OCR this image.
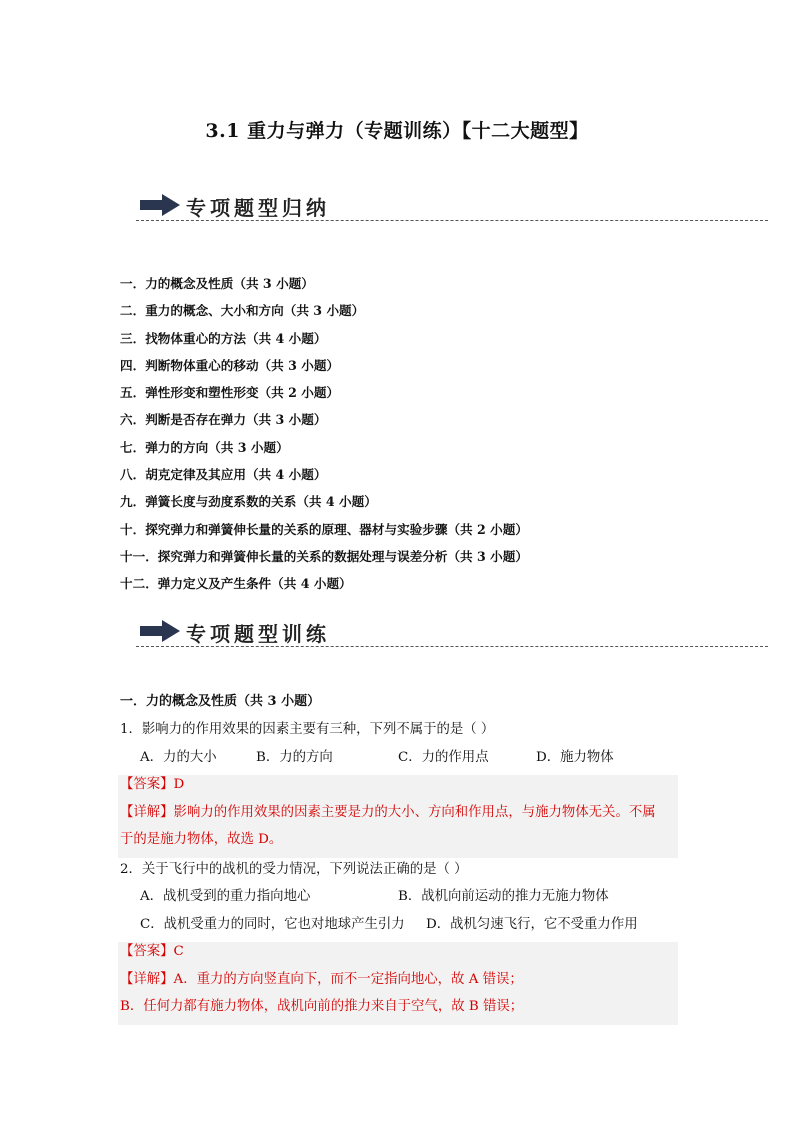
3.1 重力与弹力（专题训练）【十二大题型】
专项题型归纳
一．力的概念及性质（共 3 小题）
二．重力的概念、大小和方向（共 3 小题）
三．找物体重心的方法（共 4 小题）
四．判断物体重心的移动（共 3 小题）
五．弹性形变和塑性形变（共 2 小题）
六．判断是否存在弹力（共 3 小题）
七．弹力的方向（共 3 小题）
八．胡克定律及其应用（共 4 小题）
九．弹簧长度与劲度系数的关系（共 4 小题）
十．探究弹力和弹簧伸长量的关系的原理、器材与实验步骤（共 2 小题）
十一．探究弹力和弹簧伸长量的关系的数据处理与误差分析（共 3 小题）
十二．弹力定义及产生条件（共 4 小题）
专项题型训练
一．力的概念及性质（共 3 小题）
1．影响力的作用效果的因素主要有三种，下列不属于的是（ ）
A．力的大小	B．力的方向	C．力的作用点	D．施力物体
【答案】D
【详解】影响力的作用效果的因素主要是力的大小、方向和作用点，与施力物体无关。不属
于的是施力物体，故选 D。
2．关于飞行中的战机的受力情况，下列说法正确的是（ ）
A．战机受到的重力指向地心	B．战机向前运动的推力无施力物体
C．战机受重力的同时，它也对地球产生引力 D．战机匀速飞行，它不受重力作用
【答案】C
【详解】A．重力的方向竖直向下，而不一定指向地心，故 A 错误；
B．任何力都有施力物体，战机向前的推力来自于空气，故 B 错误；
